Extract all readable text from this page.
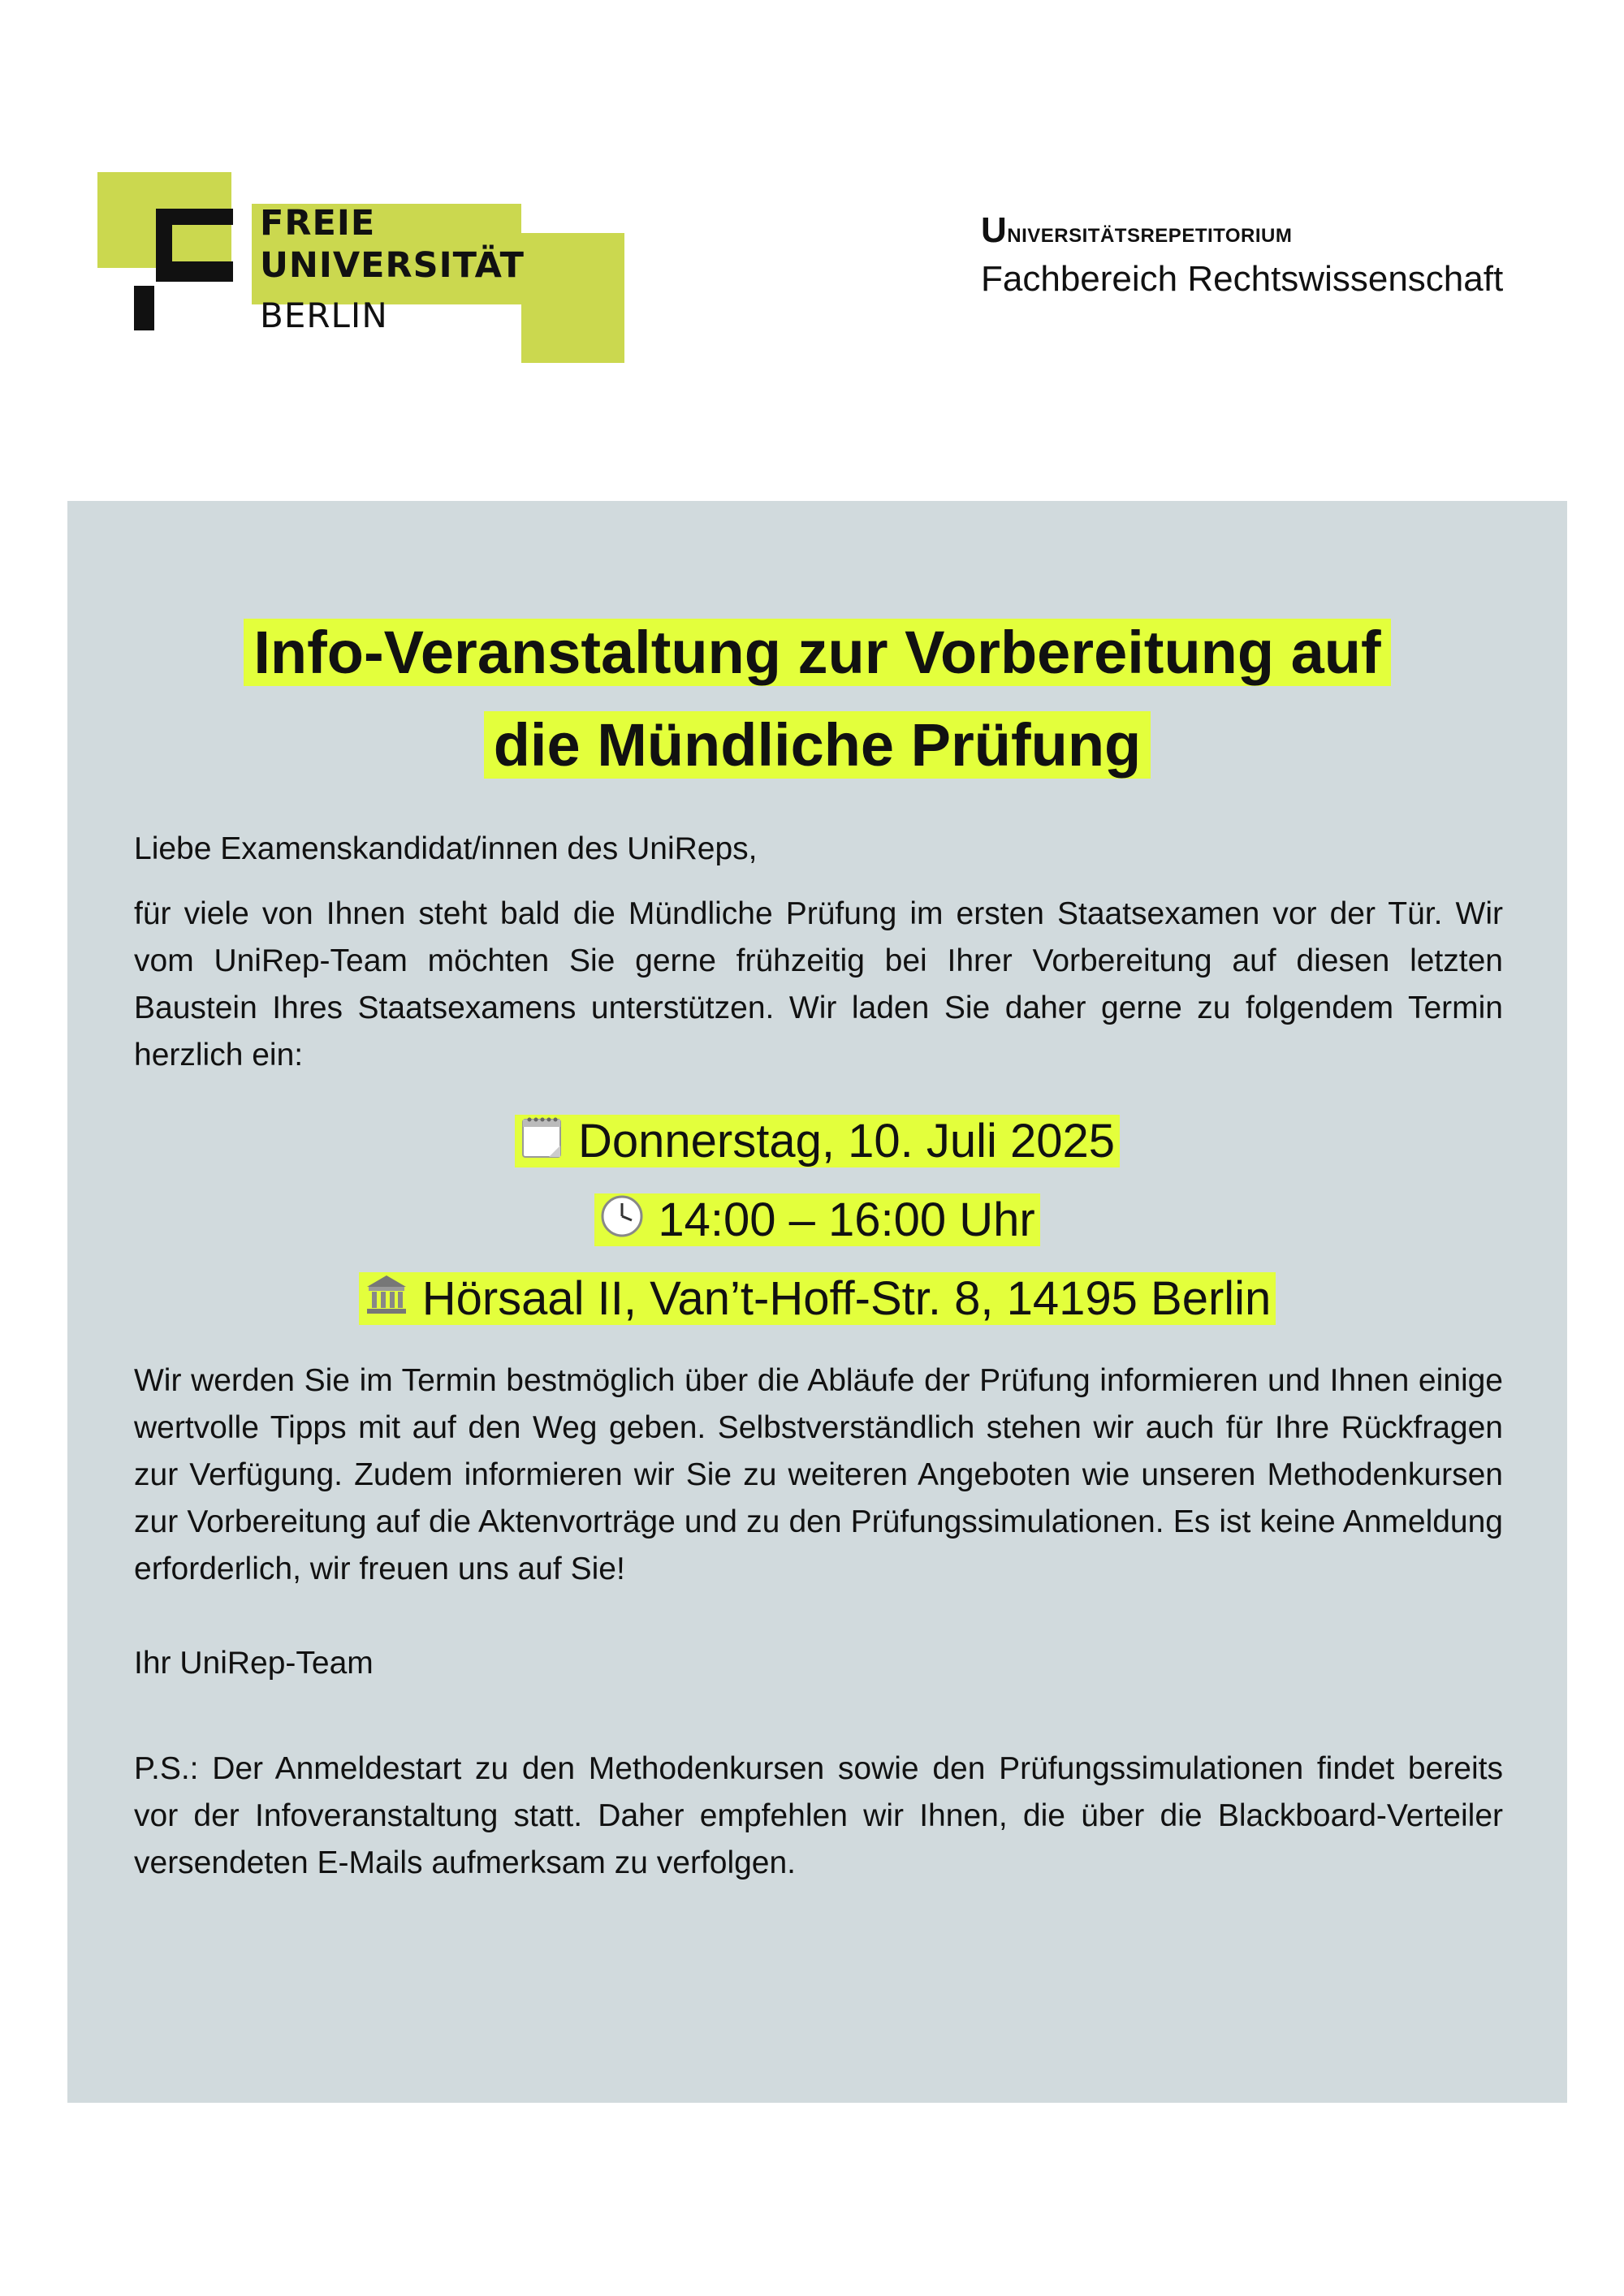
FREIE
UNIVERSITÄT
BERLIN
Universitätsrepetitorium
Fachbereich Rechtswissenschaft
Info-Veranstaltung zur Vorbereitung auf
die Mündliche Prüfung

Liebe Examenskandidat/innen des UniReps,

für viele von Ihnen steht bald die Mündliche Prüfung im ersten Staatsexamen vor der Tür. Wir vom UniRep-Team möchten Sie gerne frühzeitig bei Ihrer Vorbereitung auf diesen letzten Baustein Ihres Staatsexamens unterstützen. Wir laden Sie daher gerne zu folgendem Termin herzlich ein:

Donnerstag, 10. Juli 2025
14:00 – 16:00 Uhr
Hörsaal II, Van’t-Hoff-Str. 8, 14195 Berlin

Wir werden Sie im Termin bestmöglich über die Abläufe der Prüfung informieren und Ihnen einige wertvolle Tipps mit auf den Weg geben. Selbstverständlich stehen wir auch für Ihre Rückfragen zur Verfügung. Zudem informieren wir Sie zu weiteren Angeboten wie unseren Methodenkursen zur Vorbereitung auf die Aktenvorträge und zu den Prüfungssimulationen. Es ist keine Anmeldung erforderlich, wir freuen uns auf Sie!

Ihr UniRep-Team

P.S.: Der Anmeldestart zu den Methodenkursen sowie den Prüfungssimulationen findet bereits vor der Infoveranstaltung statt. Daher empfehlen wir Ihnen, die über die Blackboard-Verteiler versendeten E-Mails aufmerksam zu verfolgen.
